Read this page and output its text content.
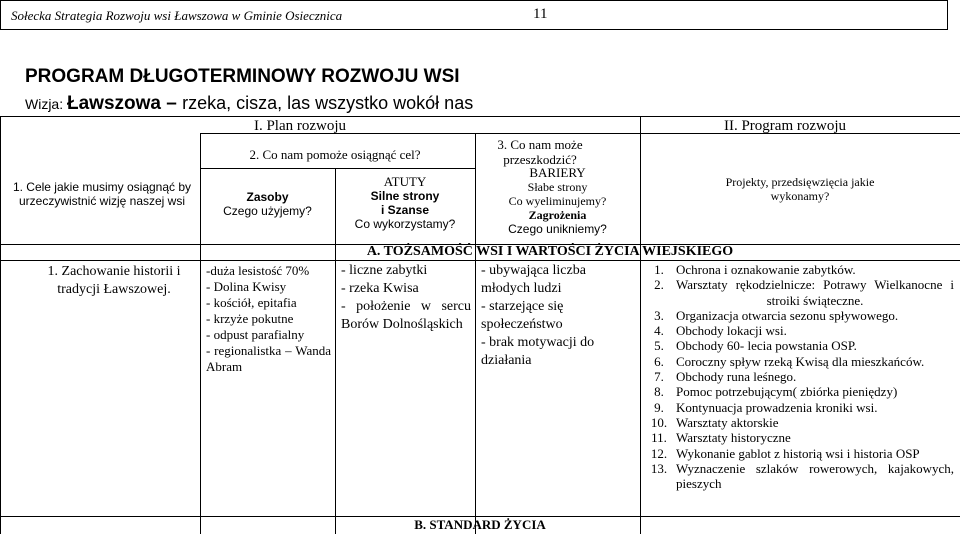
Sołecka Strategia Rozwoju wsi Ławszowa w Gminie Osiecznica	11
PROGRAM DŁUGOTERMINOWY ROZWOJU WSI
Wizja: Ławszowa – rzeka, cisza, las wszystko wokół nas
I. Plan rozwoju	II. Program rozwoju
1. Cele jakie musimy osiągnąć by urzeczywistnić wizję naszej wsi
2. Co nam pomoże osiągnąć cel?
3. Co nam może przeszkodzić?
Zasoby
Czego użyjemy?
ATUTY
Silne strony
i Szanse
Co wykorzystamy?
BARIERY
Słabe strony
Co wyeliminujemy?
Zagrożenia
Czego unikniemy?
Projekty, przedsięwzięcia jakie wykonamy?
A. TOŻSAMOŚĆ WSI I WARTOŚCI ŻYCIA WIEJSKIEGO
B. STANDARD ŻYCIA
1. Zachowanie historii i tradycji Ławszowej.
-duża lesistość 70%
- Dolina Kwisy
- kościół, epitafia
- krzyże pokutne
- odpust parafialny
- regionalistka – Wanda Abram
- liczne zabytki
- rzeka Kwisa
- położenie w sercu Borów Dolnośląskich
- ubywająca liczba młodych ludzi
- starzejące się społeczeństwo
- brak motywacji do działania
1. Ochrona i oznakowanie zabytków.
2. Warsztaty rękodzielnicze: Potrawy Wielkanocne i stroiki świąteczne.
3. Organizacja otwarcia sezonu spływowego.
4. Obchody lokacji wsi.
5. Obchody 60- lecia powstania OSP.
6. Coroczny spływ rzeką Kwisą dla mieszkańców.
7. Obchody runa leśnego.
8. Pomoc potrzebującym( zbiórka pieniędzy)
9. Kontynuacja prowadzenia kroniki wsi.
10. Warsztaty aktorskie
11. Warsztaty historyczne
12. Wykonanie gablot z historią wsi i historia OSP
13. Wyznaczenie szlaków rowerowych, kajakowych, pieszych
